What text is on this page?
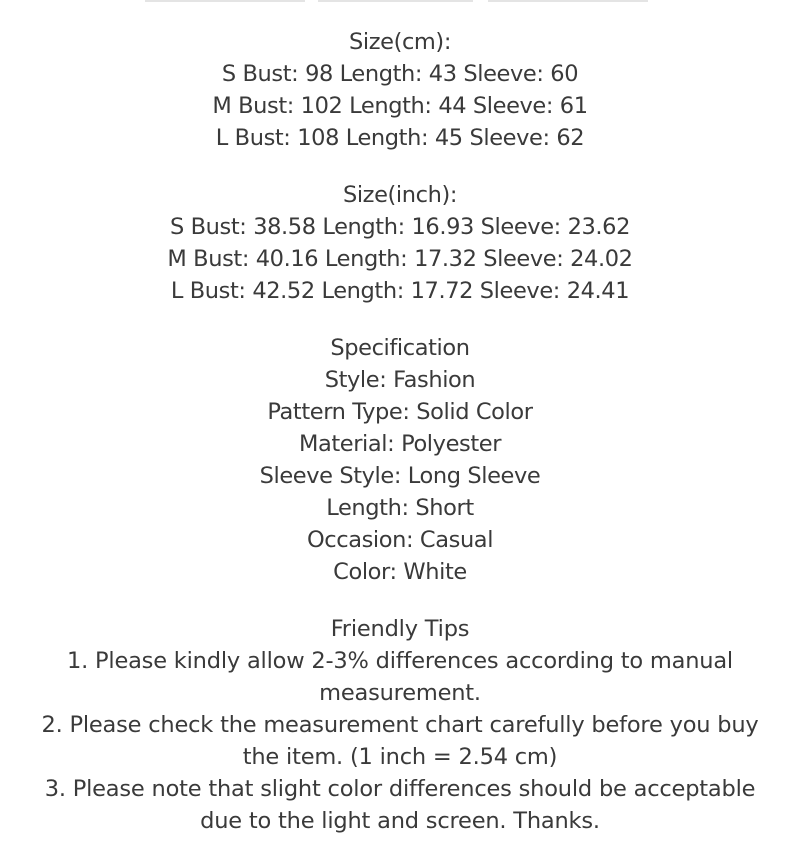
Size(cm):
S Bust: 98 Length: 43 Sleeve: 60
M Bust: 102 Length: 44 Sleeve: 61
L Bust: 108 Length: 45 Sleeve: 62
Size(inch):
S Bust: 38.58 Length: 16.93 Sleeve: 23.62
M Bust: 40.16 Length: 17.32 Sleeve: 24.02
L Bust: 42.52 Length: 17.72 Sleeve: 24.41
Specification
Style: Fashion
Pattern Type: Solid Color
Material: Polyester
Sleeve Style: Long Sleeve
Length: Short
Occasion: Casual
Color: White
Friendly Tips
1. Please kindly allow 2-3% differences according to manual measurement.
2. Please check the measurement chart carefully before you buy the item. (1 inch = 2.54 cm)
3. Please note that slight color differences should be acceptable due to the light and screen. Thanks.
